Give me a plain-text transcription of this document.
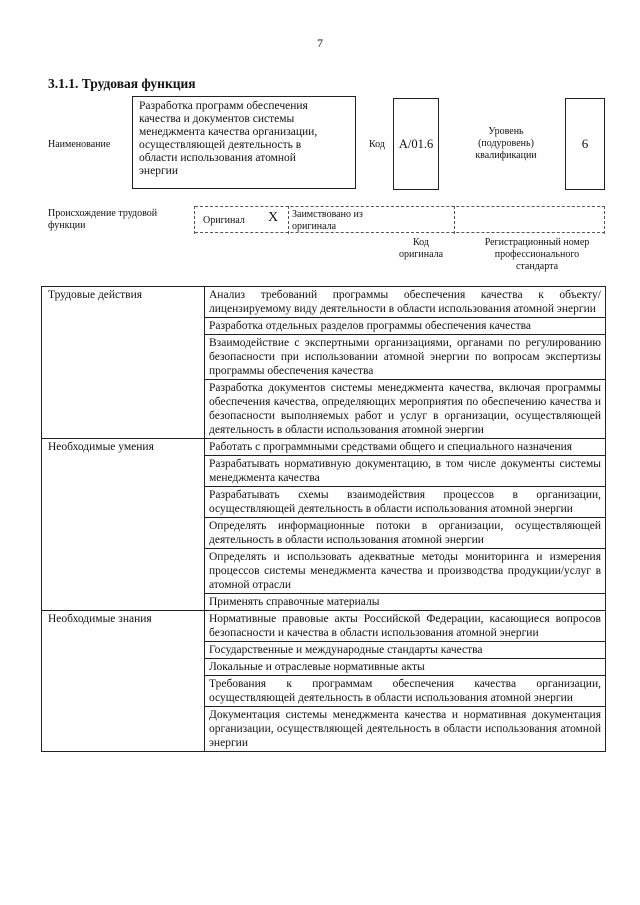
7
3.1.1. Трудовая функция
Наименование
Разработка программ обеспечения
качества и документов системы
менеджмента качества организации,
осуществляющей деятельность в
области использования атомной
энергии
Код A/01.6
Уровень
(подуровень)
квалификации
6
Происхождение трудовой
функции	Оригинал X Заимствовано из
оригинала
Код
оригинала
Регистрационный номер
профессионального
стандарта
Трудовые действия	Анализ требований программы обеспечения качества к объекту/ лицензируемому виду деятельности в области использования атомной энергии
	Разработка отдельных разделов программы обеспечения качества
	Взаимодействие с экспертными организациями, органами по регулированию безопасности при использовании атомной энергии по вопросам экспертизы программы обеспечения качества
	Разработка документов системы менеджмента качества, включая программы обеспечения качества, определяющих мероприятия по обеспечению качества и безопасности выполняемых работ и услуг в организации, осуществляющей деятельность в области использования атомной энергии

Необходимые умения	Работать с программными средствами общего и специального назначения
	Разрабатывать нормативную документацию, в том числе документы системы менеджмента качества
	Разрабатывать схемы взаимодействия процессов в организации, осуществляющей деятельность в области использования атомной энергии
	Определять информационные потоки в организации, осуществляющей деятельность в области использования атомной энергии
	Определять и использовать адекватные методы мониторинга и измерения процессов системы менеджмента качества и производства продукции/услуг в атомной отрасли
	Применять справочные материалы

Необходимые знания	Нормативные правовые акты Российской Федерации, касающиеся вопросов безопасности и качества в области использования атомной энергии
	Государственные и международные стандарты качества
	Локальные и отраслевые нормативные акты
	Требования к программам обеспечения качества организации, осуществляющей деятельность в области использования атомной энергии
	Документация системы менеджмента качества и нормативная документация организации, осуществляющей деятельность в области использования атомной энергии
